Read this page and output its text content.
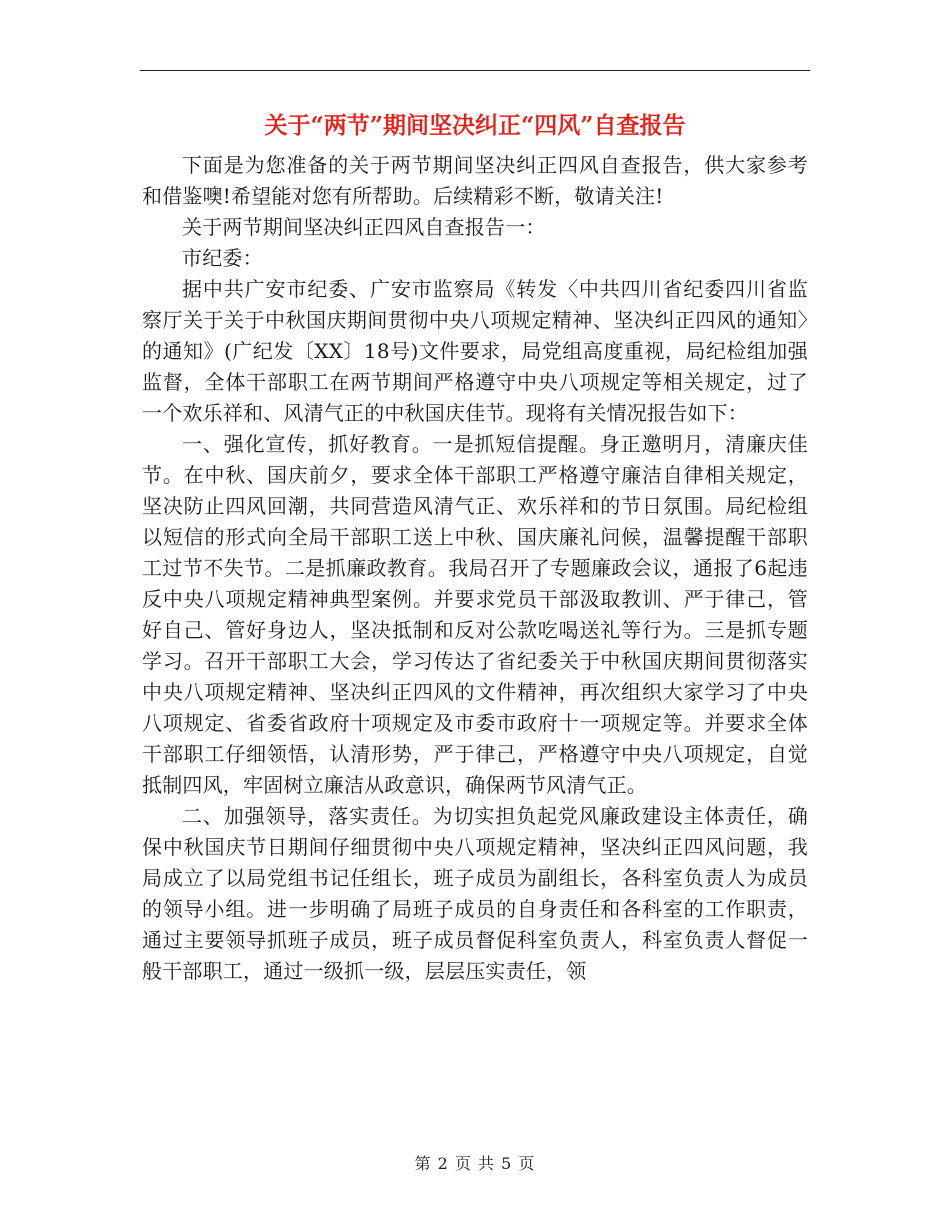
关于“两节”期间坚决纠正“四风”自查报告

下面是为您准备的关于两节期间坚决纠正四风自查报告，供大家参考和借鉴噢!希望能对您有所帮助。后续精彩不断，敬请关注!

关于两节期间坚决纠正四风自查报告一：

市纪委：

据中共广安市纪委、广安市监察局《转发〈中共四川省纪委四川省监察厅关于关于中秋国庆期间贯彻中央八项规定精神、坚决纠正四风的通知〉的通知》(广纪发〔XX〕18号)文件要求，局党组高度重视，局纪检组加强监督，全体干部职工在两节期间严格遵守中央八项规定等相关规定，过了一个欢乐祥和、风清气正的中秋国庆佳节。现将有关情况报告如下：

一、强化宣传，抓好教育。一是抓短信提醒。身正邀明月，清廉庆佳节。在中秋、国庆前夕，要求全体干部职工严格遵守廉洁自律相关规定，坚决防止四风回潮，共同营造风清气正、欢乐祥和的节日氛围。局纪检组以短信的形式向全局干部职工送上中秋、国庆廉礼问候，温馨提醒干部职工过节不失节。二是抓廉政教育。我局召开了专题廉政会议，通报了6起违反中央八项规定精神典型案例。并要求党员干部汲取教训、严于律己，管好自己、管好身边人，坚决抵制和反对公款吃喝送礼等行为。三是抓专题学习。召开干部职工大会，学习传达了省纪委关于中秋国庆期间贯彻落实中央八项规定精神、坚决纠正四风的文件精神，再次组织大家学习了中央八项规定、省委省政府十项规定及市委市政府十一项规定等。并要求全体干部职工仔细领悟，认清形势，严于律己，严格遵守中央八项规定，自觉抵制四风，牢固树立廉洁从政意识，确保两节风清气正。

二、加强领导，落实责任。为切实担负起党风廉政建设主体责任，确保中秋国庆节日期间仔细贯彻中央八项规定精神，坚决纠正四风问题，我局成立了以局党组书记任组长，班子成员为副组长，各科室负责人为成员的领导小组。进一步明确了局班子成员的自身责任和各科室的工作职责，通过主要领导抓班子成员，班子成员督促科室负责人，科室负责人督促一般干部职工，通过一级抓一级，层层压实责任，领

第 2 页 共 5 页
